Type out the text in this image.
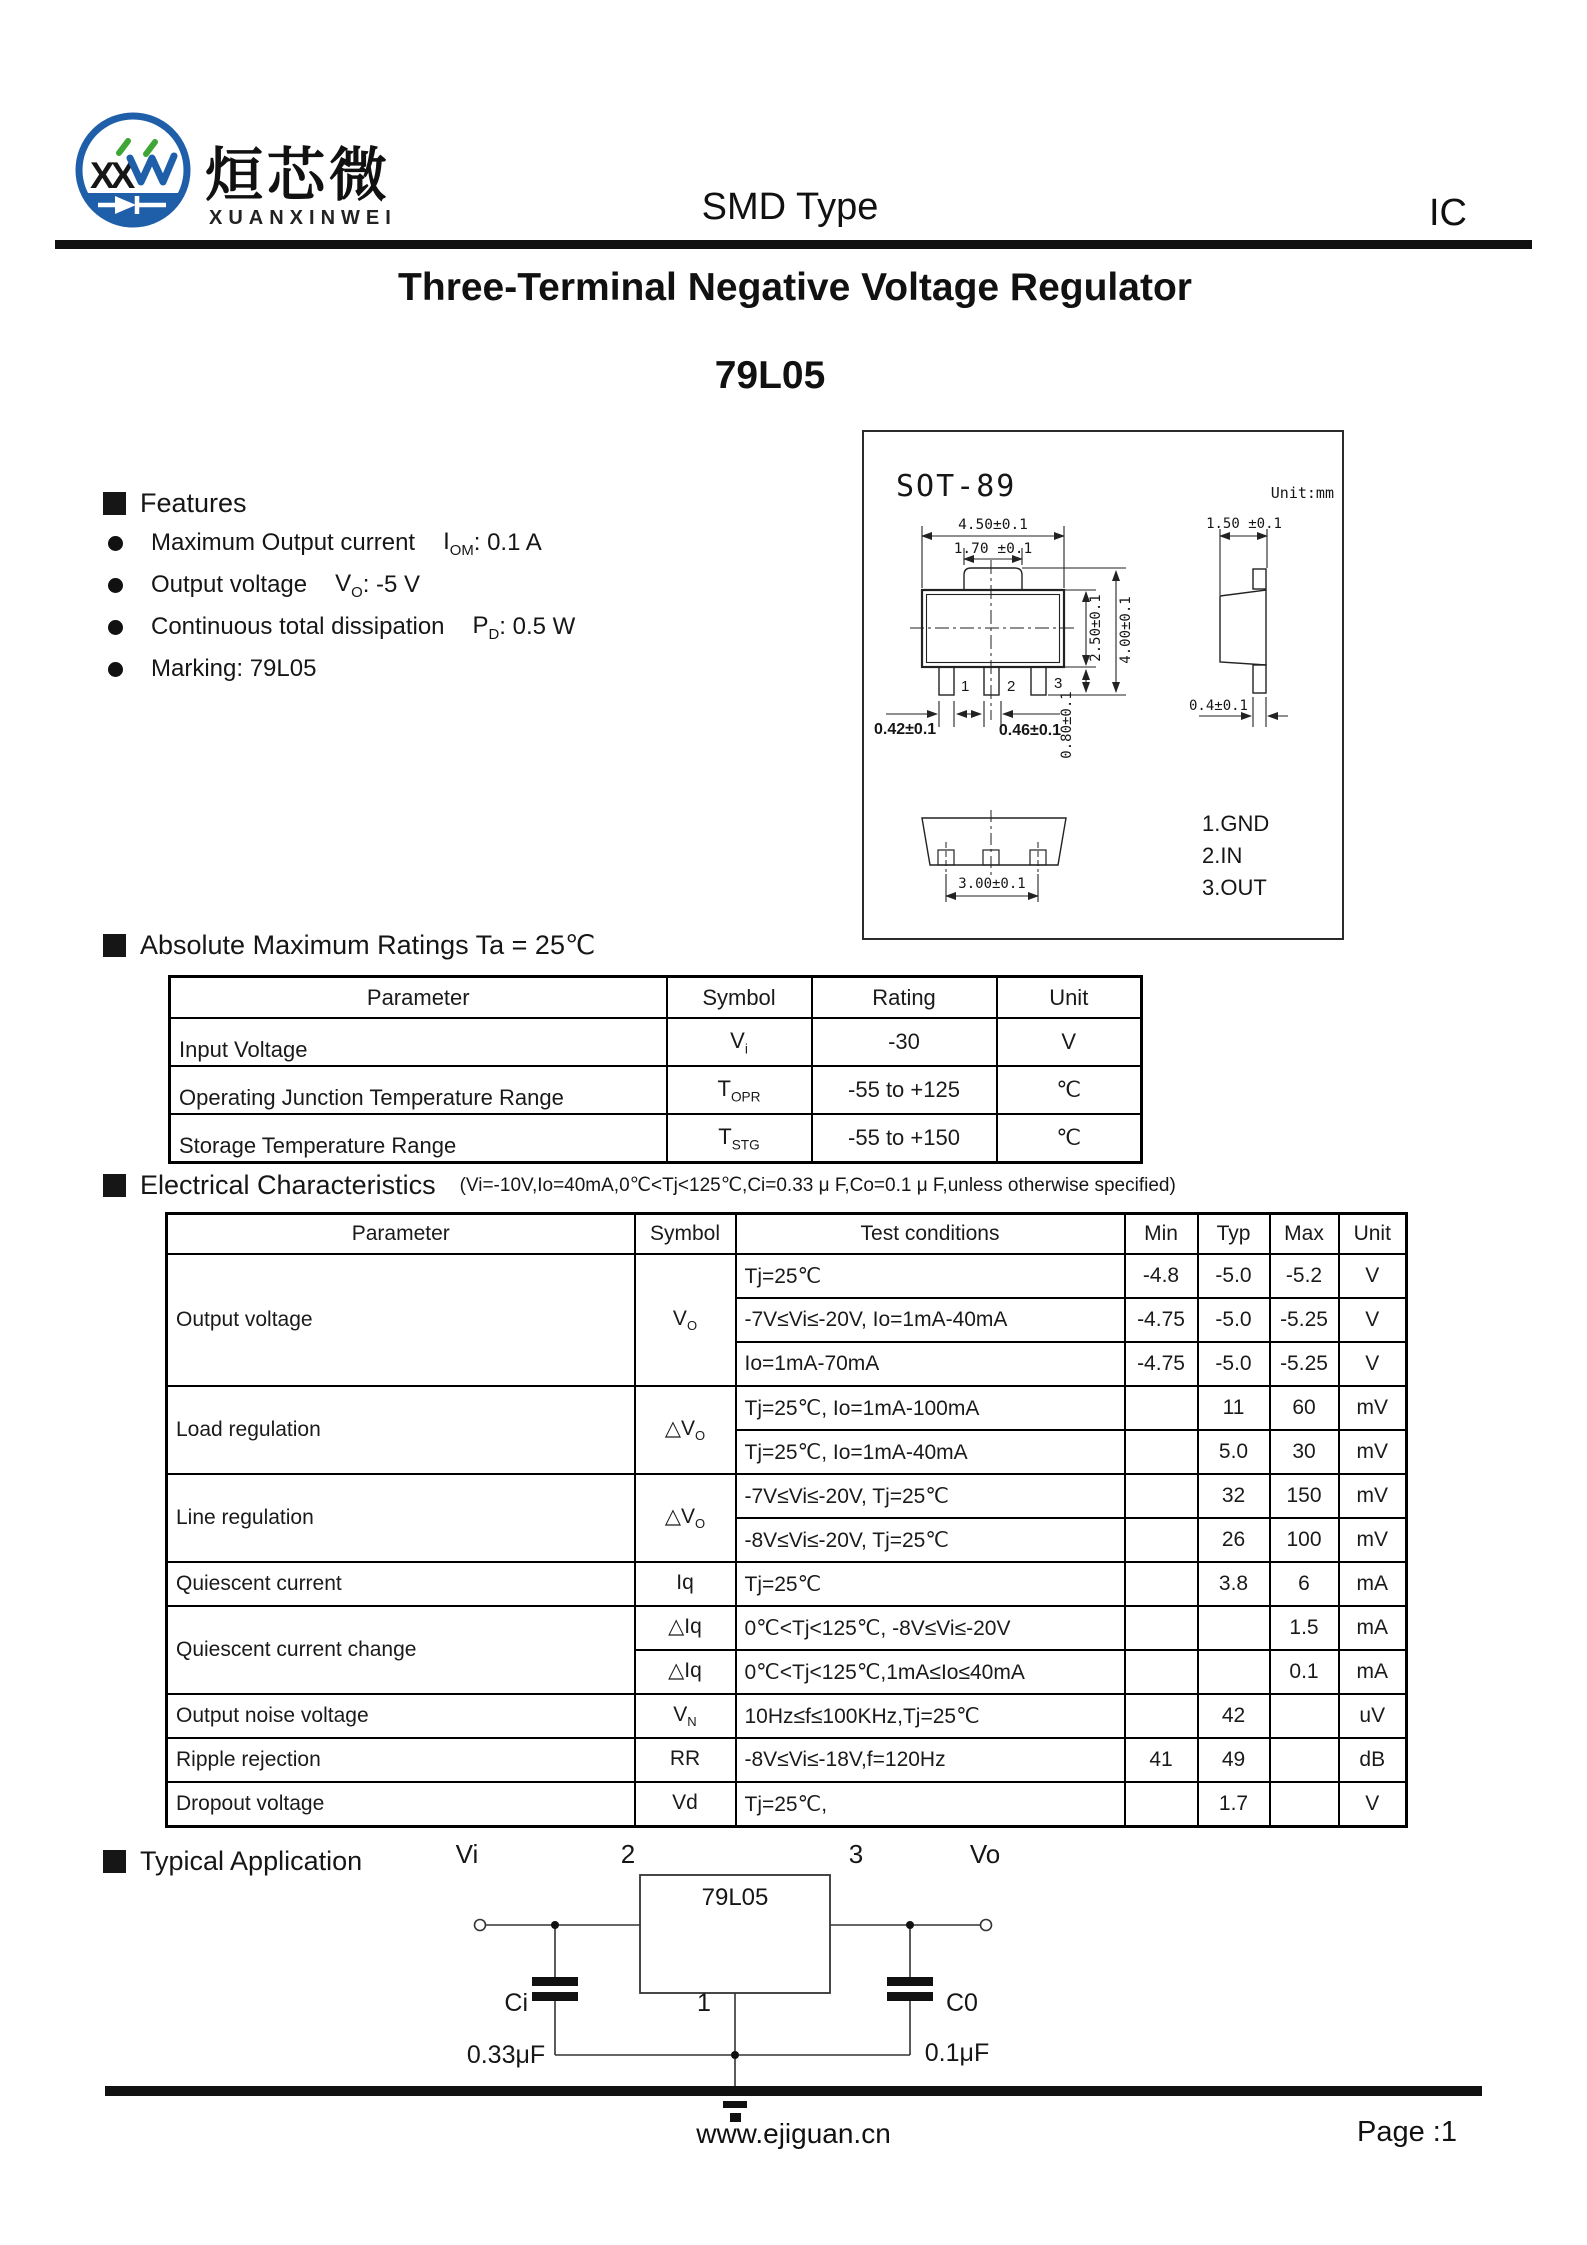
XX 烜芯微
XUANXINWEI	SMD Type	IC
Three-Terminal Negative Voltage Regulator
79L05
Features
Maximum Output current $I_{OM}$ : 0.1 A
Output voltage $V_O$ : -5 V
Continuous total dissipation $P_D$ : 0.5 W
Marking: 79L05
SOT-89	Unit:mm
1	2	3
4.50±0.1
1.70 ±0.1
2.50±0.1 4.00±0.1
0.80±0.1
0.42±0.1	0.46±0.1
3.00±0.1
1.GND
2.IN
3.OUT
1.50 ±0.1
0.4±0.1
Absolute Maximum Ratings Ta = 25℃
Parameter	Symbol	Rating	Unit
Input Voltage	$V_i$	-30	V
Operating Junction Temperature Range	$T_{OPR}$	-55 to +125	℃
Storage Temperature Range	$T_{STG}$	-55 to +150	℃
Electrical Characteristics (Vi=-10V,Io=40mA,0℃<Tj<125℃,Ci=0.33 μ F,Co=0.1 μ F,unless otherwise specified)
Parameter	Symbol	Test conditions	Min	Typ	Max	Unit
Output voltage	$V_O$	Tj=25℃	-4.8	-5.0	-5.2	V
		-7V≤Vi≤-20V, Io=1mA-40mA	-4.75	-5.0	-5.25	V
		Io=1mA-70mA	-4.75	-5.0	-5.25	V
Load regulation	$\triangle V_O$	Tj=25℃, Io=1mA-100mA		11	60	mV
		Tj=25℃, Io=1mA-40mA		5.0	30	mV
Line regulation	$\triangle V_O$	-7V≤Vi≤-20V, Tj=25℃		32	150	mV
		-8V≤Vi≤-20V, Tj=25℃		26	100	mV
Quiescent current	Iq	Tj=25℃		3.8	6	mA
Quiescent current change	△Iq	0℃<Tj<125℃, -8V≤Vi≤-20V			1.5	mA
	△Iq	0℃<Tj<125℃,1mA≤Io≤40mA			0.1	mA
Output noise voltage	$V_N$	10Hz≤f≤100KHz,Tj=25℃		42		uV
Ripple rejection	RR	-8V≤Vi≤-18V,f=120Hz	41	49		dB
Dropout voltage	Vd	Tj=25℃,		1.7		V
Typical Application	Vi	2	3	Vo
79L05
Ci	1	C0
0.33μF	0.1μF
www.ejiguan.cn	Page :1
